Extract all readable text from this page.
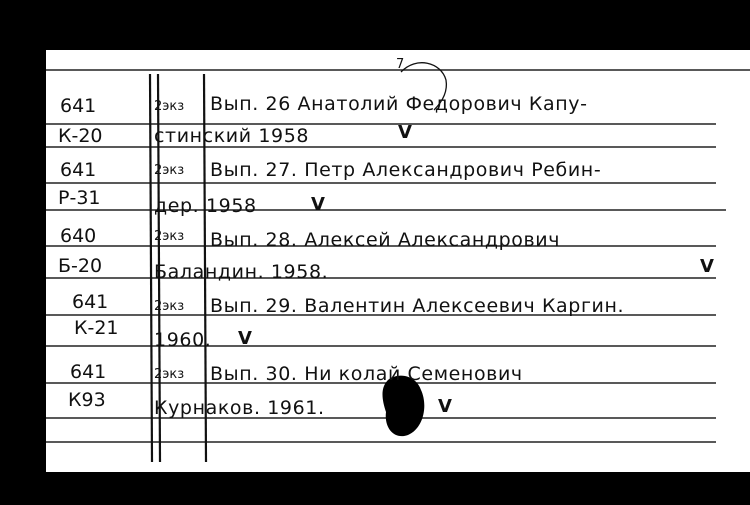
7
641
К-20
2экз Вып. 26 Анатолий Федорович Капу-
стинский 1958	V
641
Р-31
2экз Вып. 27. Петр Александрович Ребин-
дер. 1958	V
640
Б-20
2экз Вып. 28. Алексей Александрович
Баландин. 1958.	V
641
К-21
2экз Вып. 29. Валентин Алексеевич Каргин.
1960. V
641
К93
2экз Вып. 30. Ни колай Семенович
Курнаков. 1961.	V
